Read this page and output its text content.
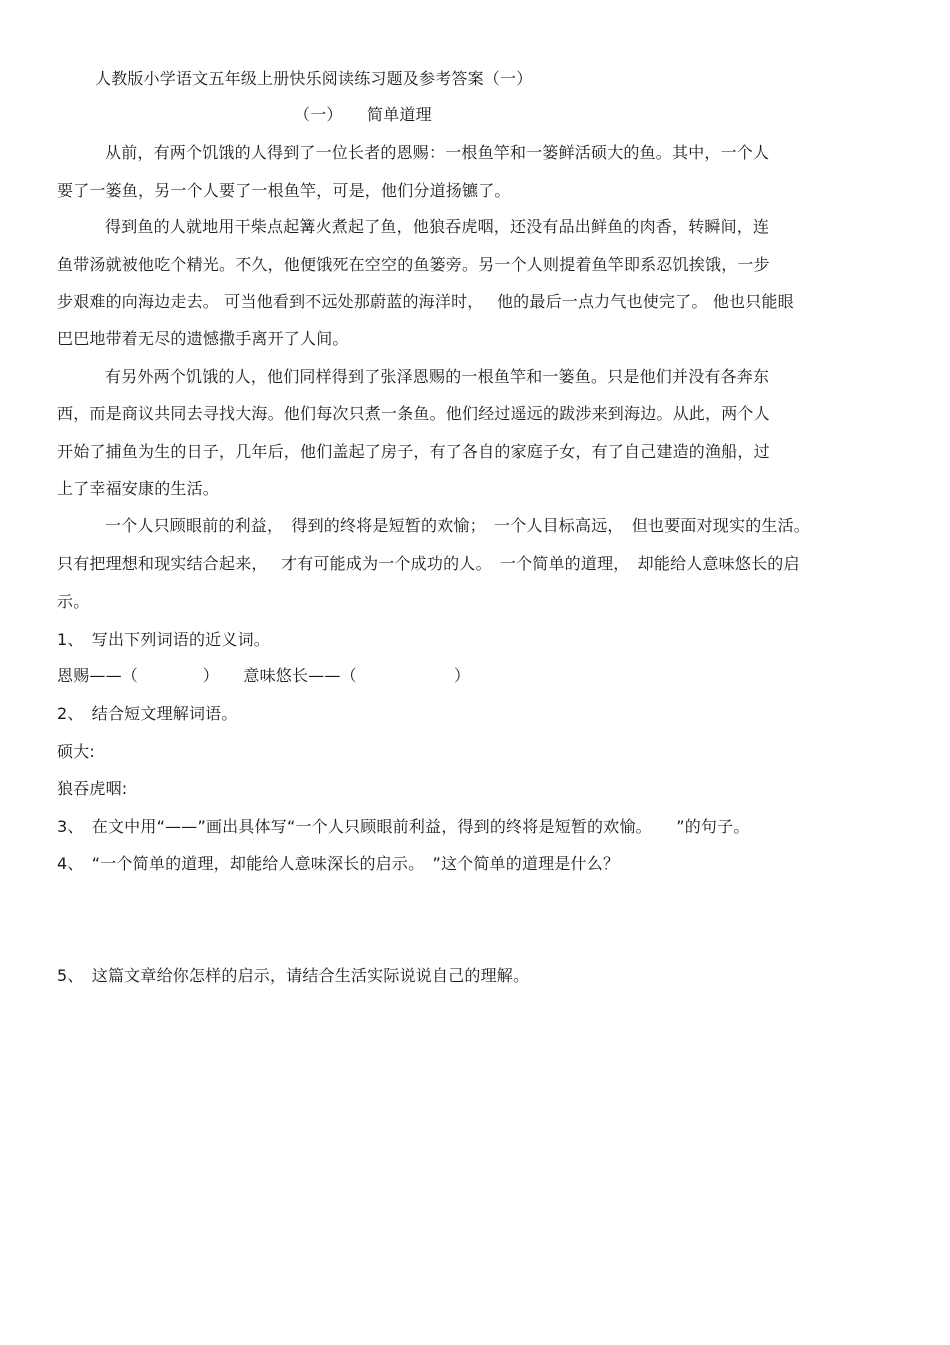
人教版小学语文五年级上册快乐阅读练习题及参考答案（一）
（一）　　简单道理
从前，有两个饥饿的人得到了一位长者的恩赐：一根鱼竿和一篓鲜活硕大的鱼。其中，一个人
要了一篓鱼，另一个人要了一根鱼竿，可是，他们分道扬镳了。
得到鱼的人就地用干柴点起篝火煮起了鱼，他狼吞虎咽，还没有品出鲜鱼的肉香，转瞬间，连
鱼带汤就被他吃个精光。不久，他便饿死在空空的鱼篓旁。另一个人则提着鱼竿即系忍饥挨饿，一步
步艰难的向海边走去。 可当他看到不远处那蔚蓝的海洋时，　 他的最后一点力气也使完了。 他也只能眼
巴巴地带着无尽的遗憾撒手离开了人间。
有另外两个饥饿的人，他们同样得到了张泽恩赐的一根鱼竿和一篓鱼。只是他们并没有各奔东
西，而是商议共同去寻找大海。他们每次只煮一条鱼。他们经过遥远的跋涉来到海边。从此，两个人
开始了捕鱼为生的日子，几年后，他们盖起了房子，有了各自的家庭子女，有了自己建造的渔船，过
上了幸福安康的生活。
一个人只顾眼前的利益，　得到的终将是短暂的欢愉；　一个人目标高远，　但也要面对现实的生活。
只有把理想和现实结合起来，　 才有可能成为一个成功的人。　一个简单的道理，　却能给人意味悠长的启
示。
1、　写出下列词语的近义词。
恩赐——（　　　　）　　意味悠长——（　　　　　　）
2、　结合短文理解词语。
硕大:
狼吞虎咽:
3、　在文中用“——”画出具体写“一个人只顾眼前利益，得到的终将是短暂的欢愉。　　”的句子。
4、　“一个简单的道理，却能给人意味深长的启示。　”这个简单的道理是什么？
5、　这篇文章给你怎样的启示，请结合生活实际说说自己的理解。
